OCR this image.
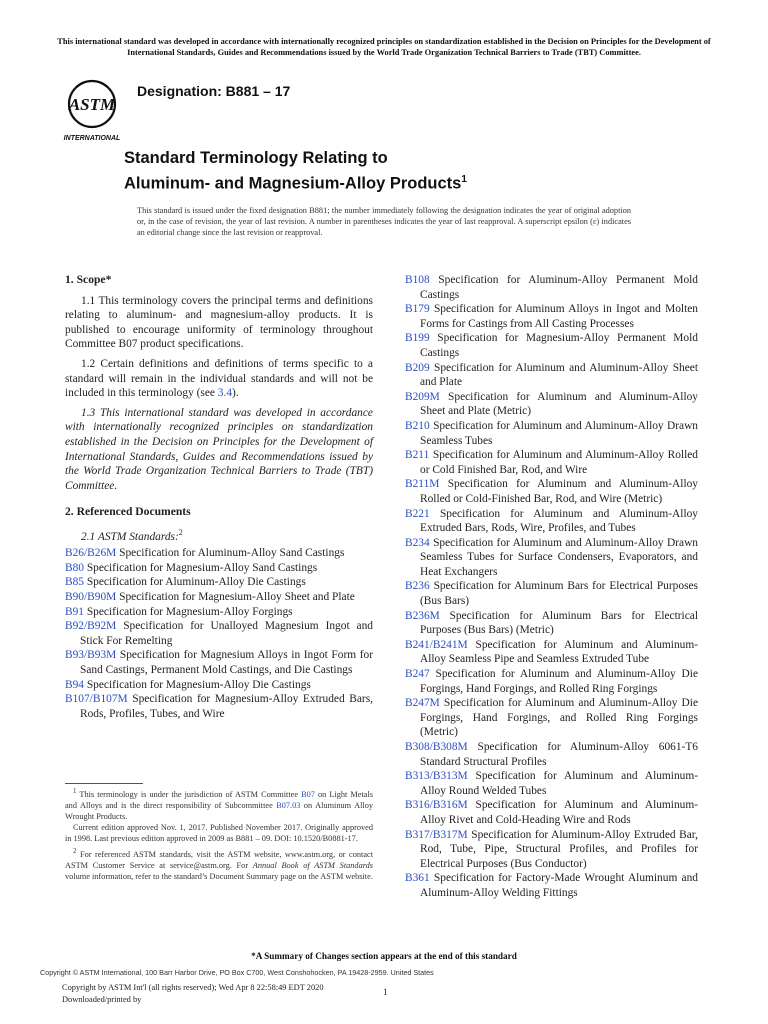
This international standard was developed in accordance with internationally recognized principles on standardization established in the Decision on Principles for the Development of International Standards, Guides and Recommendations issued by the World Trade Organization Technical Barriers to Trade (TBT) Committee.
ASTM
INTERNATIONAL
Designation: B881 – 17
Standard Terminology Relating to
Aluminum- and Magnesium-Alloy Products$^1$
This standard is issued under the fixed designation B881; the number immediately following the designation indicates the year of original adoption or, in the case of revision, the year of last revision. A number in parentheses indicates the year of last reapproval. A superscript epsilon (ε) indicates an editorial change since the last revision or reapproval.
1. Scope*

1.1 This terminology covers the principal terms and definitions relating to aluminum- and magnesium-alloy products. It is published to encourage uniformity of terminology throughout Committee B07 product specifications.

1.2 Certain definitions and definitions of terms specific to a standard will remain in the individual standards and will not be included in this terminology (see 3.4).

1.3 This international standard was developed in accordance with internationally recognized principles on standardization established in the Decision on Principles for the Development of International Standards, Guides and Recommendations issued by the World Trade Organization Technical Barriers to Trade (TBT) Committee.

2. Referenced Documents
2.1 ASTM Standards:$^2$

B26/B26M Specification for Aluminum-Alloy Sand Castings

B80 Specification for Magnesium-Alloy Sand Castings

B85 Specification for Aluminum-Alloy Die Castings

B90/B90M Specification for Magnesium-Alloy Sheet and Plate

B91 Specification for Magnesium-Alloy Forgings

B92/B92M Specification for Unalloyed Magnesium Ingot and Stick For Remelting

B93/B93M Specification for Magnesium Alloys in Ingot Form for Sand Castings, Permanent Mold Castings, and Die Castings

B94 Specification for Magnesium-Alloy Die Castings

B107/B107M Specification for Magnesium-Alloy Extruded Bars, Rods, Profiles, Tubes, and Wire

B108 Specification for Aluminum-Alloy Permanent Mold Castings

B179 Specification for Aluminum Alloys in Ingot and Molten Forms for Castings from All Casting Processes

B199 Specification for Magnesium-Alloy Permanent Mold Castings

B209 Specification for Aluminum and Aluminum-Alloy Sheet and Plate

B209M Specification for Aluminum and Aluminum-Alloy Sheet and Plate (Metric)

B210 Specification for Aluminum and Aluminum-Alloy Drawn Seamless Tubes

B211 Specification for Aluminum and Aluminum-Alloy Rolled or Cold Finished Bar, Rod, and Wire

B211M Specification for Aluminum and Aluminum-Alloy Rolled or Cold-Finished Bar, Rod, and Wire (Metric)

B221 Specification for Aluminum and Aluminum-Alloy Extruded Bars, Rods, Wire, Profiles, and Tubes

B234 Specification for Aluminum and Aluminum-Alloy Drawn Seamless Tubes for Surface Condensers, Evaporators, and Heat Exchangers

B236 Specification for Aluminum Bars for Electrical Purposes (Bus Bars)

B236M Specification for Aluminum Bars for Electrical Purposes (Bus Bars) (Metric)

B241/B241M Specification for Aluminum and Aluminum-Alloy Seamless Pipe and Seamless Extruded Tube

B247 Specification for Aluminum and Aluminum-Alloy Die Forgings, Hand Forgings, and Rolled Ring Forgings

B247M Specification for Aluminum and Aluminum-Alloy Die Forgings, Hand Forgings, and Rolled Ring Forgings (Metric)

B308/B308M Specification for Aluminum-Alloy 6061-T6 Standard Structural Profiles

B313/B313M Specification for Aluminum and Aluminum-Alloy Round Welded Tubes

B316/B316M Specification for Aluminum and Aluminum-Alloy Rivet and Cold-Heading Wire and Rods

B317/B317M Specification for Aluminum-Alloy Extruded Bar, Rod, Tube, Pipe, Structural Profiles, and Profiles for Electrical Purposes (Bus Conductor)

B361 Specification for Factory-Made Wrought Aluminum and Aluminum-Alloy Welding Fittings

$^1$ This terminology is under the jurisdiction of ASTM Committee B07 on Light Metals and Alloys and is the direct responsibility of Subcommittee B07.03 on Aluminum Alloy Wrought Products.

Current edition approved Nov. 1, 2017. Published November 2017. Originally approved in 1998. Last previous edition approved in 2009 as B881 – 09. DOI: 10.1520/B0881-17.

$^2$ For referenced ASTM standards, visit the ASTM website, www.astm.org, or contact ASTM Customer Service at service@astm.org. For Annual Book of ASTM Standards volume information, refer to the standard’s Document Summary page on the ASTM website.

*A Summary of Changes section appears at the end of this standard
Copyright © ASTM International, 100 Barr Harbor Drive, PO Box C700, West Conshohocken, PA 19428-2959. United States
Copyright by ASTM Int'l (all rights reserved); Wed Apr 8 22:58:49 EDT 2020
Downloaded/printed by
1
